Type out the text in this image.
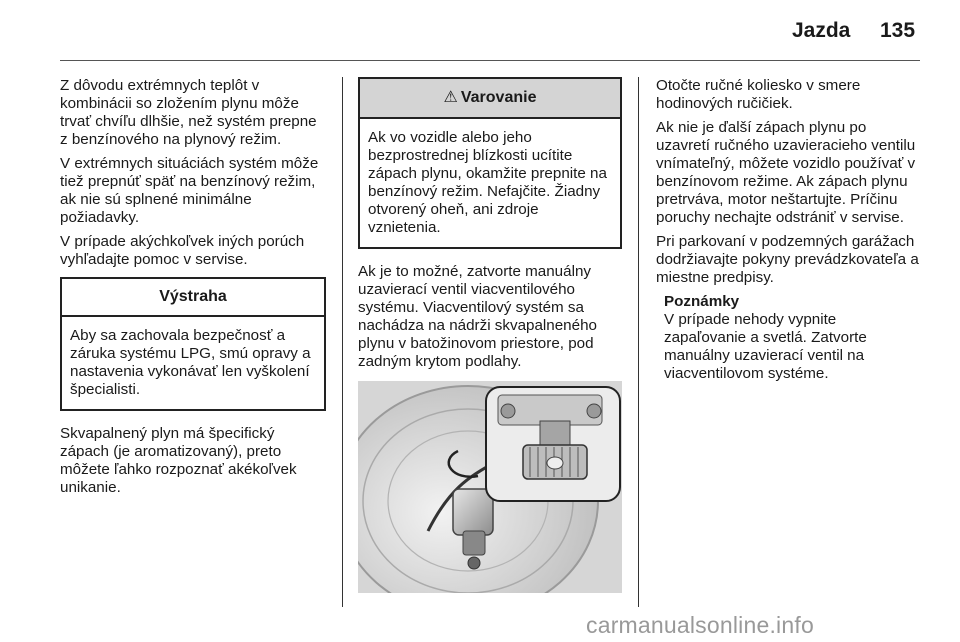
Jazda 135

Z dôvodu extrémnych teplôt v kombinácii so zložením plynu môže trvať chvíľu dlhšie, než systém prepne z benzínového na plynový režim.

V extrémnych situáciách systém môže tiež prepnúť späť na benzínový režim, ak nie sú splnené minimálne požiadavky.

V prípade akýchkoľvek iných porúch vyhľadajte pomoc v servise.

Výstraha
Aby sa zachovala bezpečnosť a záruka systému LPG, smú opravy a nastavenia vykonávať len vyškolení špecialisti.

Skvapalnený plyn má špecifický zápach (je aromatizovaný), preto môžete ľahko rozpoznať akékoľvek unikanie.

⚠ Varovanie
Ak vo vozidle alebo jeho bezprostrednej blízkosti ucítite zápach plynu, okamžite prepnite na benzínový režim. Nefajčite. Žiadny otvorený oheň, ani zdroje vznietenia.

Ak je to možné, zatvorte manuálny uzavierací ventil viacventilového systému. Viacventilový systém sa nachádza na nádrži skvapalneného plynu v batožinovom priestore, pod zadným krytom podlahy.

Otočte ručné koliesko v smere hodinových ručičiek.

Ak nie je ďalší zápach plynu po uzavretí ručného uzavieracieho ventilu vnímateľný, môžete vozidlo používať v benzínovom režime. Ak zápach plynu pretrváva, motor neštartujte. Príčinu poruchy nechajte odstrániť v servise.

Pri parkovaní v podzemných garážach dodržiavajte pokyny prevádzkovateľa a miestne predpisy.

Poznámky
V prípade nehody vypnite zapaľovanie a svetlá. Zatvorte manuálny uzavierací ventil na viacventilovom systéme.
carmanualsonline.info
